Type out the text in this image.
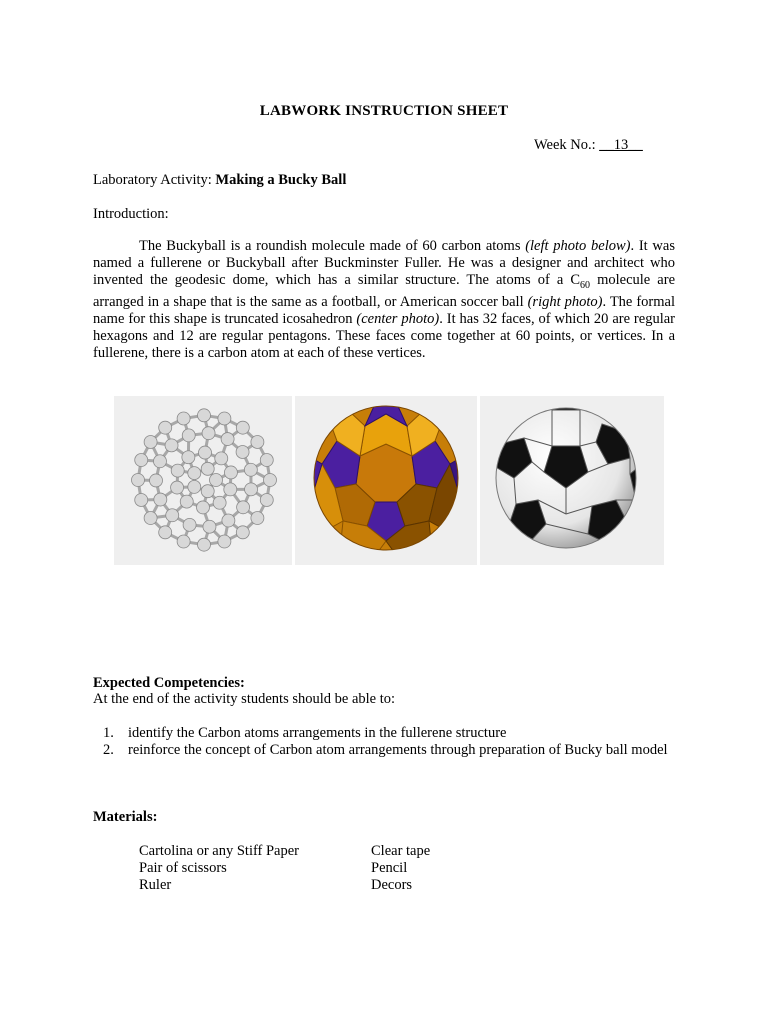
LABWORK INSTRUCTION SHEET
Week No.: __13__
Laboratory Activity: Making a Bucky Ball
Introduction:
The Buckyball is a roundish molecule made of 60 carbon atoms (left photo below). It was named a fullerene or Buckyball after Buckminster Fuller. He was a designer and architect who invented the geodesic dome, which has a similar structure. The atoms of a $C_{60}$ molecule are arranged in a shape that is the same as a football, or American soccer ball (right photo). The formal name for this shape is truncated icosahedron (center photo). It has 32 faces, of which 20 are regular hexagons and 12 are regular pentagons. These faces come together at 60 points, or vertices. In a fullerene, there is a carbon atom at each of these vertices.
Expected Competencies:
At the end of the activity students should be able to:
1. identify the Carbon atoms arrangements in the fullerene structure
2. reinforce the concept of Carbon atom arrangements through preparation of Bucky ball model
Materials:
Cartolina or any Stiff Paper	Clear tape
Pair of scissors	Pencil
Ruler	Decors
